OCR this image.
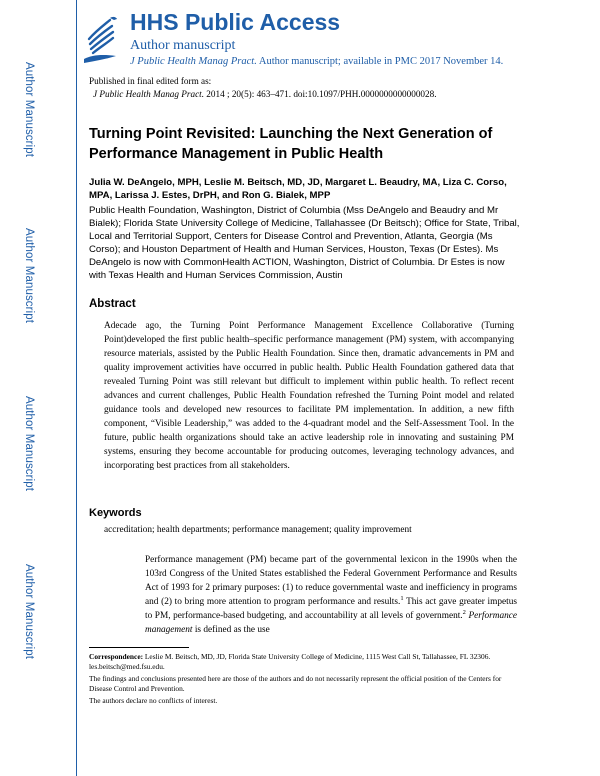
Author Manuscript
Author Manuscript
Author Manuscript
Author Manuscript
HHS Public Access
Author manuscript
J Public Health Manag Pract. Author manuscript; available in PMC 2017 November 14.
Published in final edited form as:
J Public Health Manag Pract. 2014 ; 20(5): 463–471. doi:10.1097/PHH.0000000000000028.
Turning Point Revisited: Launching the Next Generation of Performance Management in Public Health
Julia W. DeAngelo, MPH, Leslie M. Beitsch, MD, JD, Margaret L. Beaudry, MA, Liza C. Corso, MPA, Larissa J. Estes, DrPH, and Ron G. Bialek, MPP
Public Health Foundation, Washington, District of Columbia (Mss DeAngelo and Beaudry and Mr Bialek); Florida State University College of Medicine, Tallahassee (Dr Beitsch); Office for State, Tribal, Local and Territorial Support, Centers for Disease Control and Prevention, Atlanta, Georgia (Ms Corso); and Houston Department of Health and Human Services, Houston, Texas (Dr Estes). Ms DeAngelo is now with CommonHealth ACTION, Washington, District of Columbia. Dr Estes is now with Texas Health and Human Services Commission, Austin
Abstract
Adecade ago, the Turning Point Performance Management Excellence Collaborative (Turning Point)developed the first public health–specific performance management (PM) system, with accompanying resource materials, assisted by the Public Health Foundation. Since then, dramatic advancements in PM and quality improvement activities have occurred in public health. Public Health Foundation gathered data that revealed Turning Point was still relevant but difficult to implement within public health. To reflect recent advances and current challenges, Public Health Foundation refreshed the Turning Point model and related guidance tools and developed new resources to facilitate PM implementation. In addition, a new fifth component, “Visible Leadership,” was added to the 4-quadrant model and the Self-Assessment Tool. In the future, public health organizations should take an active leadership role in innovating and sustaining PM systems, ensuring they become accountable for producing outcomes, leveraging technology advances, and incorporating best practices from all stakeholders.
Keywords
accreditation; health departments; performance management; quality improvement
Performance management (PM) became part of the governmental lexicon in the 1990s when the 103rd Congress of the United States established the Federal Government Performance and Results Act of 1993 for 2 primary purposes: (1) to reduce governmental waste and inefficiency in programs and (2) to bring more attention to program performance and results.$^1$ This act gave greater impetus to PM, performance-based budgeting, and accountability at all levels of government.$^2$ Performance management is defined as the use

Correspondence: Leslie M. Beitsch, MD, JD, Florida State University College of Medicine, 1115 West Call St, Tallahassee, FL 32306. les.beitsch@med.fsu.edu.

The findings and conclusions presented here are those of the authors and do not necessarily represent the official position of the Centers for Disease Control and Prevention.

The authors declare no conflicts of interest.
